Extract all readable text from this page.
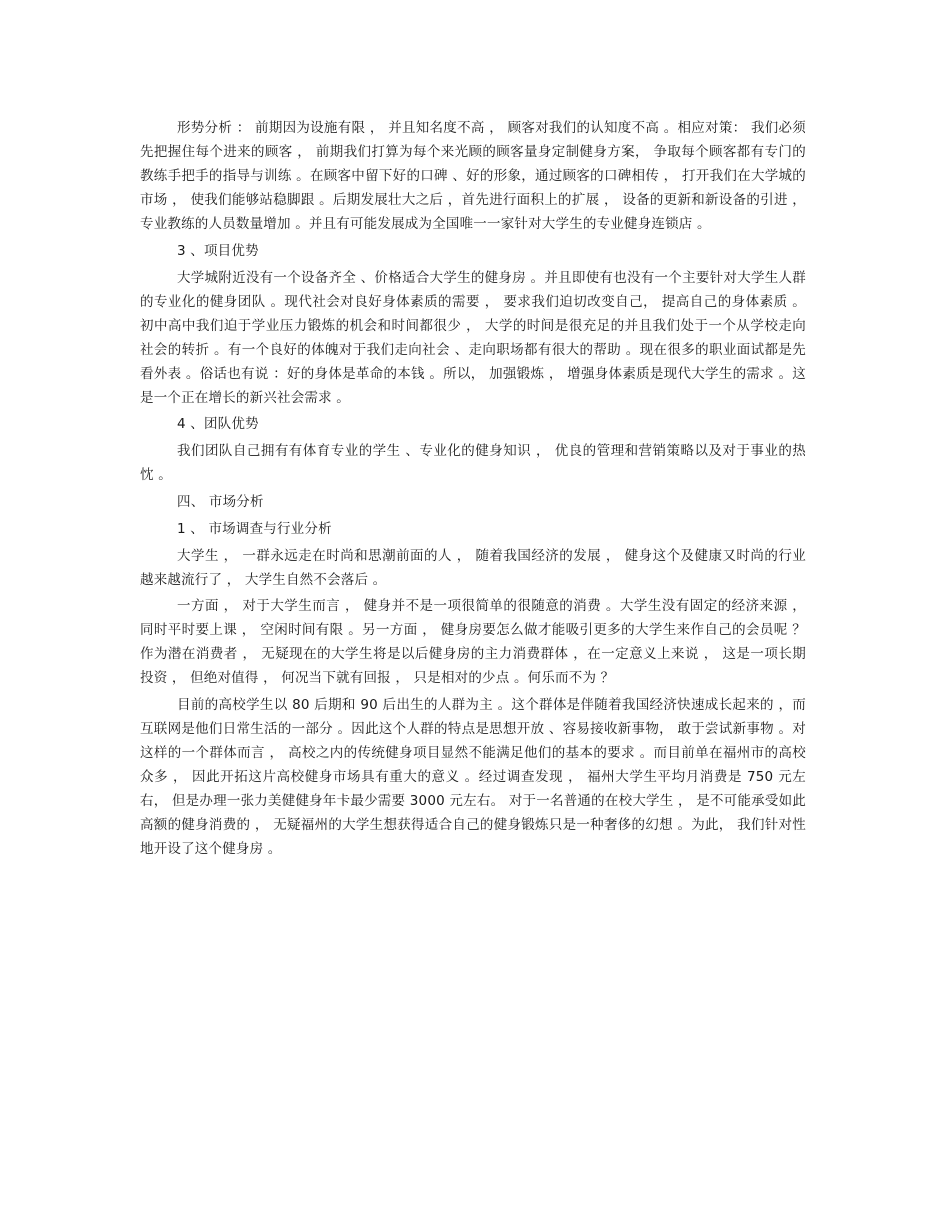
形势分析 ： 前期因为设施有限 ， 并且知名度不高 ， 顾客对我们的认知度不高 。相应对策： 我们必须先把握住每个进来的顾客 ， 前期我们打算为每个来光顾的顾客量身定制健身方案， 争取每个顾客都有专门的教练手把手的指导与训练 。在顾客中留下好的口碑 、好的形象，通过顾客的口碑相传 ， 打开我们在大学城的市场 ， 使我们能够站稳脚跟 。后期发展壮大之后 ，首先进行面积上的扩展 ， 设备的更新和新设备的引进 ， 专业教练的人员数量增加 。并且有可能发展成为全国唯一一家针对大学生的专业健身连锁店 。

3 、项目优势

大学城附近没有一个设备齐全 、价格适合大学生的健身房 。并且即使有也没有一个主要针对大学生人群的专业化的健身团队 。现代社会对良好身体素质的需要 ， 要求我们迫切改变自己， 提高自己的身体素质 。初中高中我们迫于学业压力锻炼的机会和时间都很少 ， 大学的时间是很充足的并且我们处于一个从学校走向社会的转折 。有一个良好的体魄对于我们走向社会 、走向职场都有很大的帮助 。现在很多的职业面试都是先看外表 。俗话也有说 ：好的身体是革命的本钱 。所以， 加强锻炼 ， 增强身体素质是现代大学生的需求 。这是一个正在增长的新兴社会需求 。

4 、团队优势

我们团队自己拥有有体育专业的学生 、专业化的健身知识 ， 优良的管理和营销策略以及对于事业的热忱 。

四、 市场分析

1 、 市场调查与行业分析

大学生 ， 一群永远走在时尚和思潮前面的人 ， 随着我国经济的发展 ， 健身这个及健康又时尚的行业越来越流行了 ， 大学生自然不会落后 。

一方面 ， 对于大学生而言 ， 健身并不是一项很简单的很随意的消费 。大学生没有固定的经济来源 ， 同时平时要上课 ， 空闲时间有限 。另一方面 ， 健身房要怎么做才能吸引更多的大学生来作自己的会员呢 ？ 作为潜在消费者 ， 无疑现在的大学生将是以后健身房的主力消费群体 ，在一定意义上来说 ， 这是一项长期投资 ， 但绝对值得 ， 何况当下就有回报 ， 只是相对的少点 。何乐而不为 ？

目前的高校学生以 80 后期和 90 后出生的人群为主 。这个群体是伴随着我国经济快速成长起来的 ，而互联网是他们日常生活的一部分 。因此这个人群的特点是思想开放 、容易接收新事物， 敢于尝试新事物 。对这样的一个群体而言 ， 高校之内的传统健身项目显然不能满足他们的基本的要求 。而目前单在福州市的高校众多 ， 因此开拓这片高校健身市场具有重大的意义 。经过调查发现 ， 福州大学生平均月消费是 750 元左右， 但是办理一张力美健健身年卡最少需要 3000 元左右。 对于一名普通的在校大学生 ， 是不可能承受如此高额的健身消费的 ， 无疑福州的大学生想获得适合自己的健身锻炼只是一种奢侈的幻想 。为此， 我们针对性地开设了这个健身房 。
